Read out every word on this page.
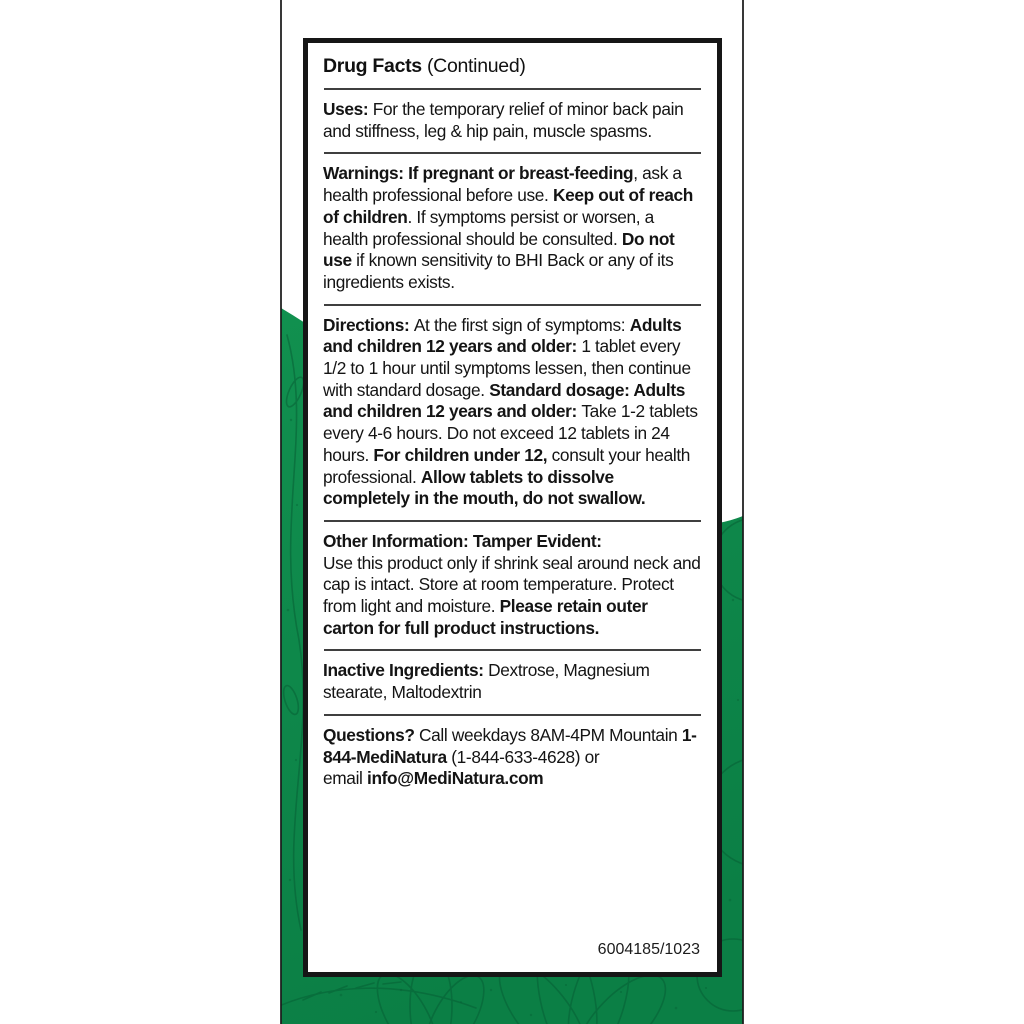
Drug Facts (Continued)
Uses: For the temporary relief of minor back pain and stiffness, leg & hip pain, muscle spasms.
Warnings: If pregnant or breast-feeding, ask a health professional before use. Keep out of reach of children. If symptoms persist or worsen, a health professional should be consulted. Do not use if known sensitivity to BHI Back or any of its ingredients exists.
Directions: At the first sign of symptoms: Adults and children 12 years and older: 1 tablet every 1/2 to 1 hour until symptoms lessen, then continue with standard dosage. Standard dosage: Adults and children 12 years and older: Take 1-2 tablets every 4-6 hours. Do not exceed 12 tablets in 24 hours. For children under 12, consult your health professional. Allow tablets to dissolve completely in the mouth, do not swallow.
Other Information: Tamper Evident:
Use this product only if shrink seal around neck and cap is intact. Store at room temperature. Protect from light and moisture. Please retain outer carton for full product instructions.
Inactive Ingredients: Dextrose, Magnesium stearate, Maltodextrin
Questions? Call weekdays 8AM-4PM Mountain 1-844-MediNatura (1-844-633-4628) or
email info@MediNatura.com
6004185/1023
